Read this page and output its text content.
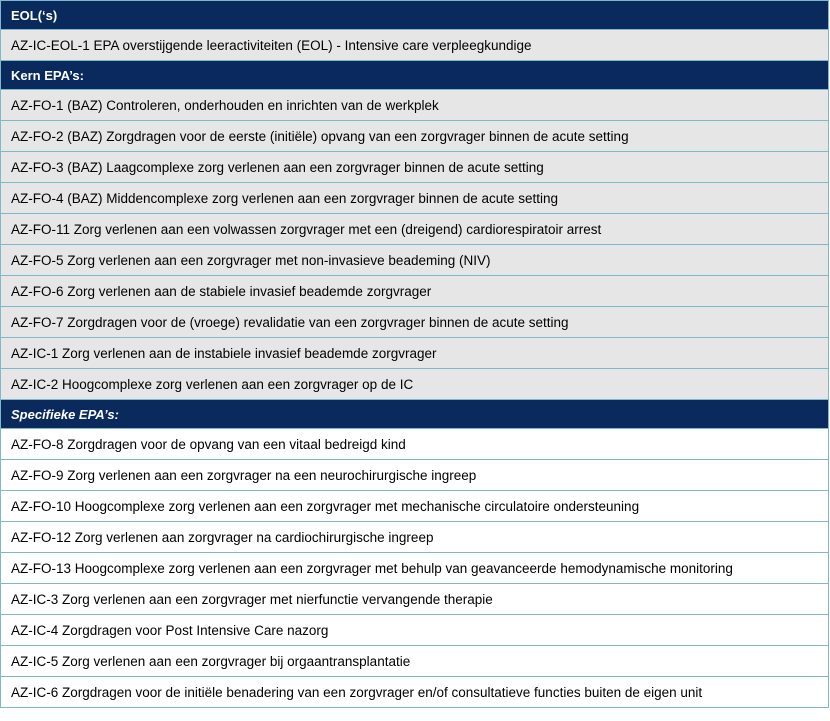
EOL(‘s)
AZ-IC-EOL-1 EPA overstijgende leeractiviteiten (EOL) - Intensive care verpleegkundige
Kern EPA’s:
AZ-FO-1 (BAZ) Controleren, onderhouden en inrichten van de werkplek
AZ-FO-2 (BAZ) Zorgdragen voor de eerste (initiële) opvang van een zorgvrager binnen de acute setting
AZ-FO-3 (BAZ) Laagcomplexe zorg verlenen aan een zorgvrager binnen de acute setting
AZ-FO-4 (BAZ) Middencomplexe zorg verlenen aan een zorgvrager binnen de acute setting
AZ-FO-11 Zorg verlenen aan een volwassen zorgvrager met een (dreigend) cardiorespiratoir arrest
AZ-FO-5 Zorg verlenen aan een zorgvrager met non-invasieve beademing (NIV)
AZ-FO-6 Zorg verlenen aan de stabiele invasief beademde zorgvrager
AZ-FO-7 Zorgdragen voor de (vroege) revalidatie van een zorgvrager binnen de acute setting
AZ-IC-1 Zorg verlenen aan de instabiele invasief beademde zorgvrager
AZ-IC-2 Hoogcomplexe zorg verlenen aan een zorgvrager op de IC
Specifieke EPA’s:
AZ-FO-8 Zorgdragen voor de opvang van een vitaal bedreigd kind
AZ-FO-9 Zorg verlenen aan een zorgvrager na een neurochirurgische ingreep
AZ-FO-10 Hoogcomplexe zorg verlenen aan een zorgvrager met mechanische circulatoire ondersteuning
AZ-FO-12 Zorg verlenen aan zorgvrager na cardiochirurgische ingreep
AZ-FO-13 Hoogcomplexe zorg verlenen aan een zorgvrager met behulp van geavanceerde hemodynamische monitoring
AZ-IC-3 Zorg verlenen aan een zorgvrager met nierfunctie vervangende therapie
AZ-IC-4 Zorgdragen voor Post Intensive Care nazorg
AZ-IC-5 Zorg verlenen aan een zorgvrager bij orgaantransplantatie
AZ-IC-6 Zorgdragen voor de initiële benadering van een zorgvrager en/of consultatieve functies buiten de eigen unit
